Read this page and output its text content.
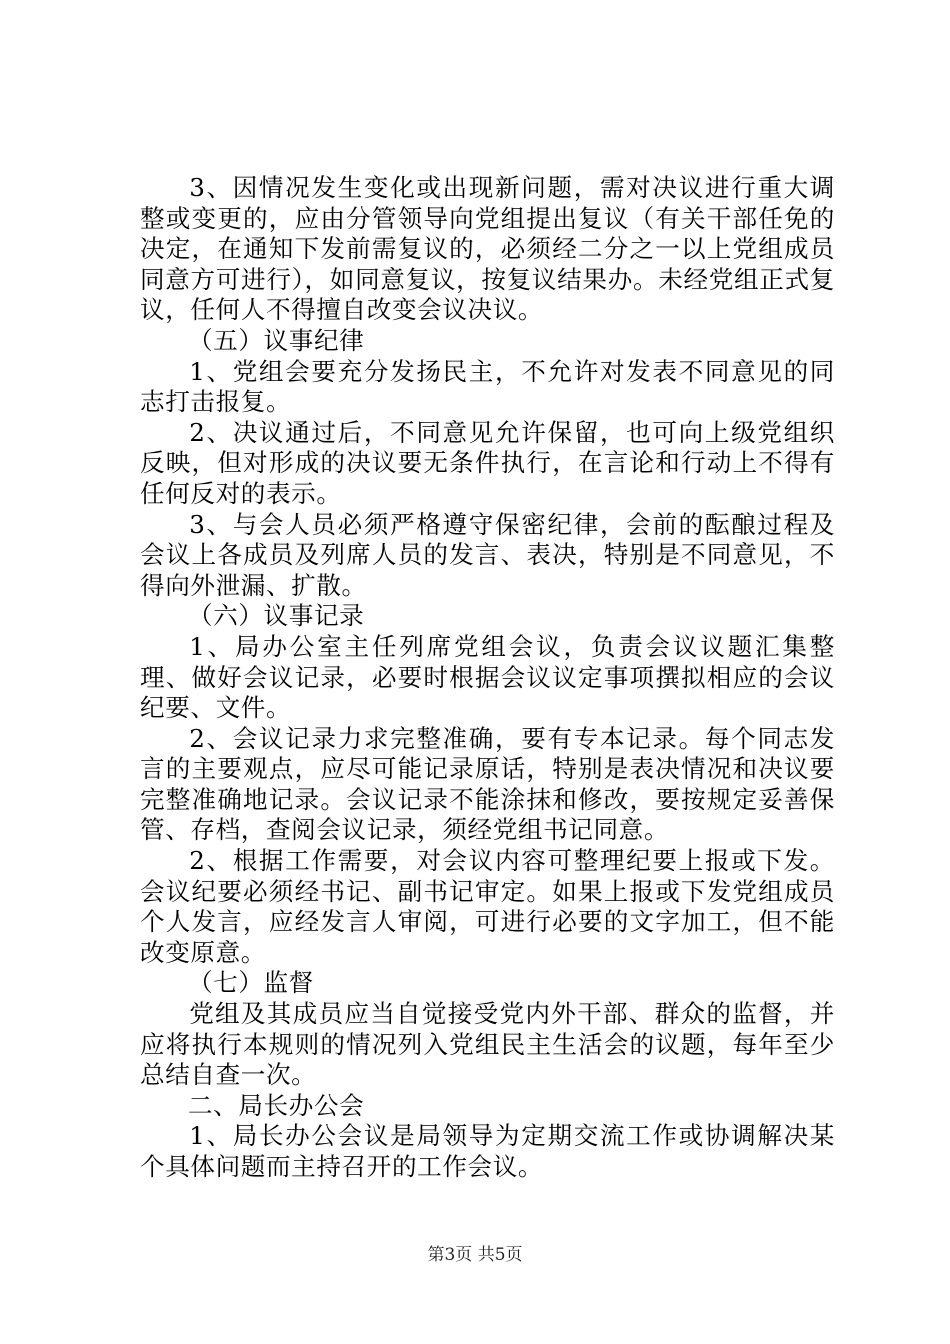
3、因情况发生变化或出现新问题，需对决议进行重大调整或变更的，应由分管领导向党组提出复议（有关干部任免的决定，在通知下发前需复议的，必须经二分之一以上党组成员同意方可进行），如同意复议，按复议结果办。未经党组正式复议，任何人不得擅自改变会议决议。

（五）议事纪律

1、党组会要充分发扬民主，不允许对发表不同意见的同志打击报复。

2、决议通过后，不同意见允许保留，也可向上级党组织反映，但对形成的决议要无条件执行，在言论和行动上不得有任何反对的表示。

3、与会人员必须严格遵守保密纪律，会前的酝酿过程及会议上各成员及列席人员的发言、表决，特别是不同意见，不得向外泄漏、扩散。

（六）议事记录

1、局办公室主任列席党组会议，负责会议议题汇集整理、做好会议记录，必要时根据会议议定事项撰拟相应的会议纪要、文件。

2、会议记录力求完整准确，要有专本记录。每个同志发言的主要观点，应尽可能记录原话，特别是表决情况和决议要完整准确地记录。会议记录不能涂抹和修改，要按规定妥善保管、存档，查阅会议记录，须经党组书记同意。

2、根据工作需要，对会议内容可整理纪要上报或下发。会议纪要必须经书记、副书记审定。如果上报或下发党组成员个人发言，应经发言人审阅，可进行必要的文字加工，但不能改变原意。

（七）监督

党组及其成员应当自觉接受党内外干部、群众的监督，并应将执行本规则的情况列入党组民主生活会的议题，每年至少总结自查一次。

二、局长办公会

1、局长办公会议是局领导为定期交流工作或协调解决某个具体问题而主持召开的工作会议。

第3页 共5页
